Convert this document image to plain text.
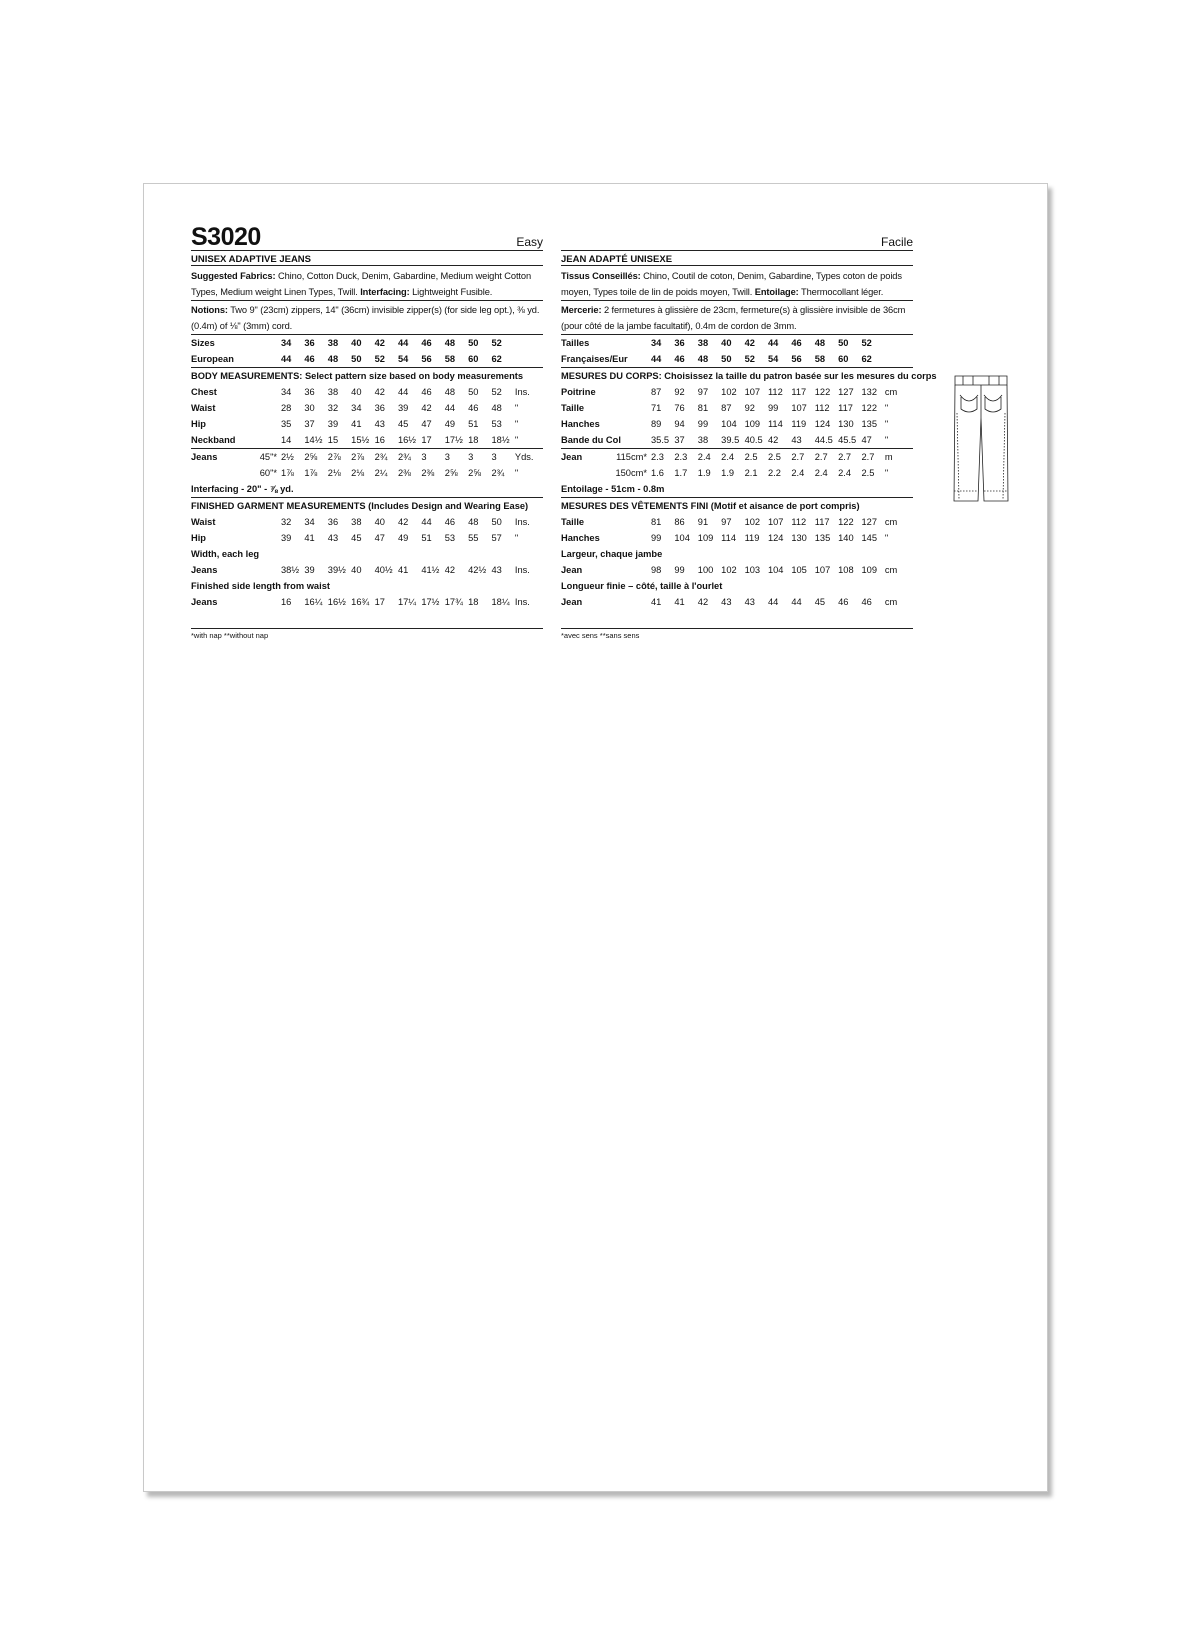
S3020	Easy
UNISEX ADAPTIVE JEANS
Suggested Fabrics: Chino, Cotton Duck, Denim, Gabardine, Medium weight Cotton Types, Medium weight Linen Types, Twill. Interfacing: Lightweight Fusible.
Notions: Two 9" (23cm) zippers, 14" (36cm) invisible zipper(s) (for side leg opt.), ⅜ yd. (0.4m) of ⅛" (3mm) cord.
Sizes		34	36	38	40	42	44	46	48	50	52	
European		44	46	48	50	52	54	56	58	60	62	
BODY MEASUREMENTS: Select pattern size based on body measurements												
Chest		34	36	38	40	42	44	46	48	50	52	Ins.
Waist		28	30	32	34	36	39	42	44	46	48	"
Hip		35	37	39	41	43	45	47	49	51	53	"
Neckband		14	14½	15	15½	16	16½	17	17½	18	18½	"
Jeans	45"*	2½	2⅝	2⅞	2⅞	2¾	2¾	3	3	3	3	Yds.
	60"*	1⅞	1⅞	2⅛	2⅛	2¼	2⅜	2⅜	2⅝	2⅝	2¾	"
Interfacing - 20" - ⅞ yd.												
FINISHED GARMENT MEASUREMENTS (Includes Design and Wearing Ease)												
Waist		32	34	36	38	40	42	44	46	48	50	Ins.
Hip		39	41	43	45	47	49	51	53	55	57	"
Width, each leg												
Jeans		38½	39	39½	40	40½	41	41½	42	42½	43	Ins.
Finished side length from waist												
Jeans		16	16¼	16½	16¾	17	17¼	17½	17¾	18	18¼	Ins.
*with nap **without nap
Facile
JEAN ADAPTÉ UNISEXE
Tissus Conseillés: Chino, Coutil de coton, Denim, Gabardine, Types coton de poids moyen, Types toile de lin de poids moyen, Twill. Entoilage: Thermocollant léger.
Mercerie: 2 fermetures à glissière de 23cm, fermeture(s) à glissière invisible de 36cm (pour côté de la jambe facultatif), 0.4m de cordon de 3mm.
Tailles		34	36	38	40	42	44	46	48	50	52	
Françaises/Eur		44	46	48	50	52	54	56	58	60	62	
MESURES DU CORPS: Choisissez la taille du patron basée sur les mesures du corps												
Poitrine		87	92	97	102	107	112	117	122	127	132	cm
Taille		71	76	81	87	92	99	107	112	117	122	"
Hanches		89	94	99	104	109	114	119	124	130	135	"
Bande du Col		35.5	37	38	39.5	40.5	42	43	44.5	45.5	47	"
Jean	115cm*	2.3	2.3	2.4	2.4	2.5	2.5	2.7	2.7	2.7	2.7	m
	150cm*	1.6	1.7	1.9	1.9	2.1	2.2	2.4	2.4	2.4	2.5	"
Entoilage - 51cm - 0.8m												
MESURES DES VÊTEMENTS FINI (Motif et aisance de port compris)												
Taille		81	86	91	97	102	107	112	117	122	127	cm
Hanches		99	104	109	114	119	124	130	135	140	145	"
Largeur, chaque jambe												
Jean		98	99	100	102	103	104	105	107	108	109	cm
Longueur finie – côté, taille à l'ourlet												
Jean		41	41	42	43	43	44	44	45	46	46	cm
*avec sens **sans sens
